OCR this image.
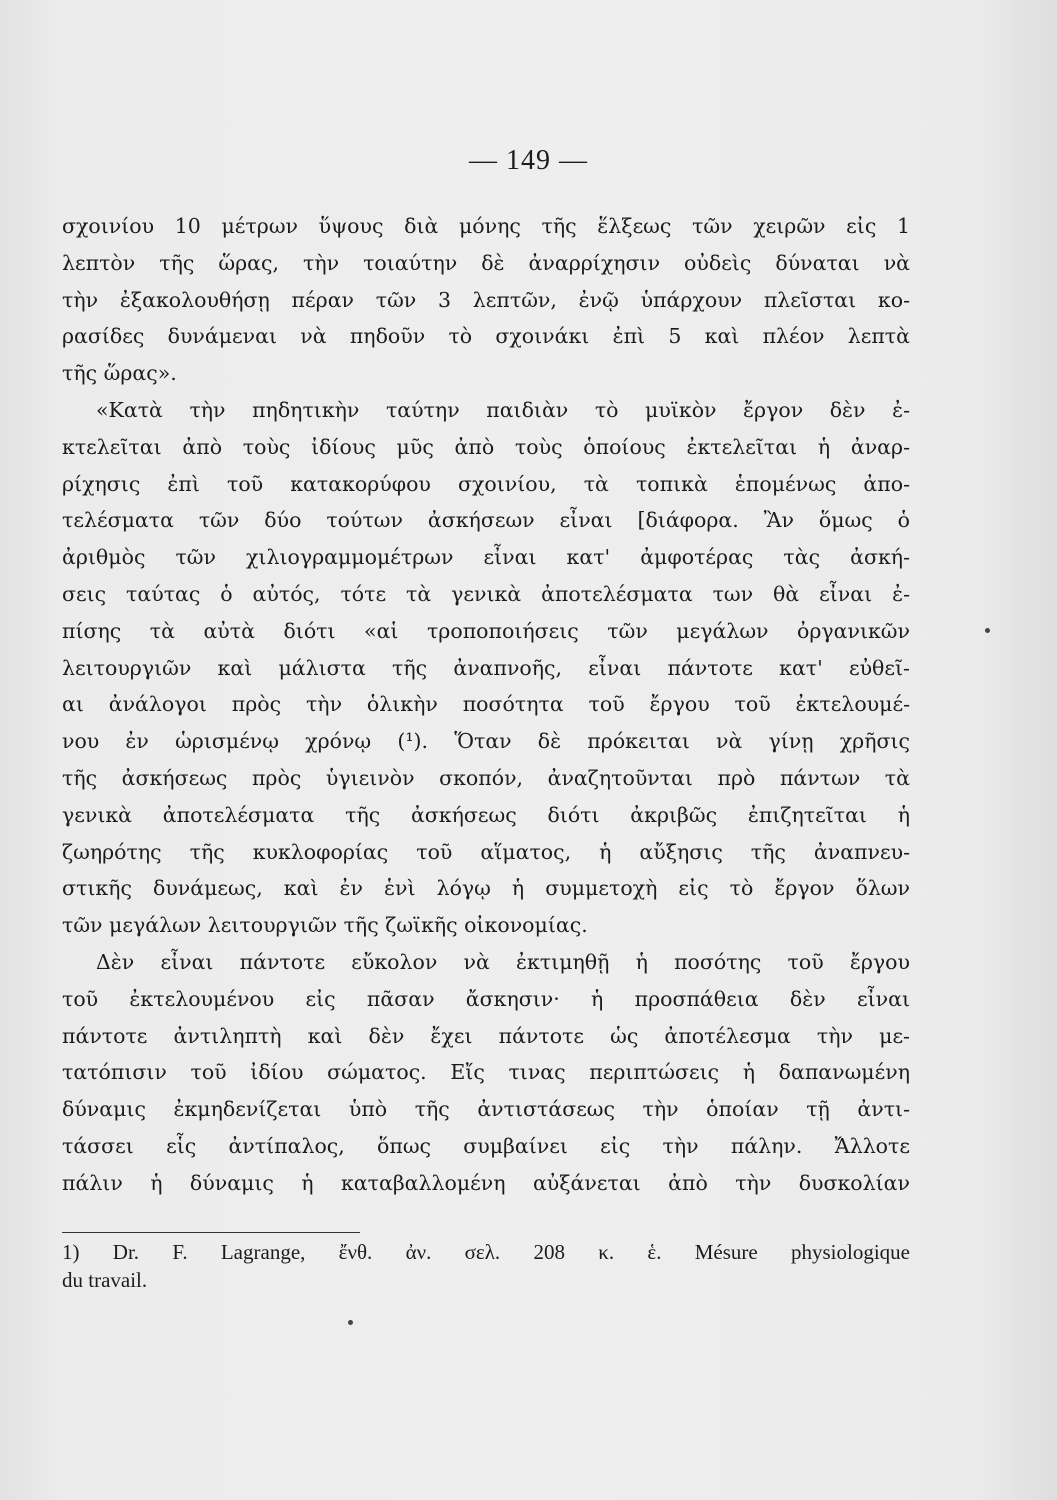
— 149 —
σχοινίου 10 μέτρων ὕψους διὰ μόνης τῆς ἕλξεως τῶν χειρῶν εἰς 1
λεπτὸν τῆς ὥρας, τὴν τοιαύτην δὲ ἀναρρίχησιν οὐδεὶς δύναται νὰ
τὴν ἐξακολουθήσῃ πέραν τῶν 3 λεπτῶν, ἐνῷ ὑπάρχουν πλεῖσται κο-
ρασίδες δυνάμεναι νὰ πηδοῦν τὸ σχοινάκι ἐπὶ 5 καὶ πλέον λεπτὰ
τῆς ὥρας».
«Κατὰ τὴν πηδητικὴν ταύτην παιδιὰν τὸ μυϊκὸν ἔργον δὲν ἐ-
κτελεῖται ἀπὸ τοὺς ἰδίους μῦς ἀπὸ τοὺς ὁποίους ἐκτελεῖται ἡ ἀναρ-
ρίχησις ἐπὶ τοῦ κατακορύφου σχοινίου, τὰ τοπικὰ ἑπομένως ἀπο-
τελέσματα τῶν δύο τούτων ἀσκήσεων εἶναι [διάφορα. Ἂν ὅμως ὁ
ἀριθμὸς τῶν χιλιογραμμομέτρων εἶναι κατ' ἀμφοτέρας τὰς ἀσκή-
σεις ταύτας ὁ αὐτός, τότε τὰ γενικὰ ἀποτελέσματα των θὰ εἶναι ἐ-
πίσης τὰ αὐτὰ διότι «αἱ τροποποιήσεις τῶν μεγάλων ὀργανικῶν
λειτουργιῶν καὶ μάλιστα τῆς ἀναπνοῆς, εἶναι πάντοτε κατ' εὐθεῖ-
αι ἀνάλογοι πρὸς τὴν ὁλικὴν ποσότητα τοῦ ἔργου τοῦ ἐκτελουμέ-
νου ἐν ὡρισμένῳ χρόνῳ (¹). Ὅταν δὲ πρόκειται νὰ γίνῃ χρῆσις
τῆς ἀσκήσεως πρὸς ὑγιεινὸν σκοπόν, ἀναζητοῦνται πρὸ πάντων τὰ
γενικὰ ἀποτελέσματα τῆς ἀσκήσεως διότι ἀκριβῶς ἐπιζητεῖται ἡ
ζωηρότης τῆς κυκλοφορίας τοῦ αἵματος, ἡ αὔξησις τῆς ἀναπνευ-
στικῆς δυνάμεως, καὶ ἐν ἑνὶ λόγῳ ἡ συμμετοχὴ εἰς τὸ ἔργον ὅλων
τῶν μεγάλων λειτουργιῶν τῆς ζωϊκῆς οἰκονομίας.
Δὲν εἶναι πάντοτε εὔκολον νὰ ἐκτιμηθῇ ἡ ποσότης τοῦ ἔργου
τοῦ ἐκτελουμένου εἰς πᾶσαν ἄσκησιν· ἡ προσπάθεια δὲν εἶναι
πάντοτε ἀντιληπτὴ καὶ δὲν ἔχει πάντοτε ὡς ἀποτέλεσμα τὴν με-
τατόπισιν τοῦ ἰδίου σώματος. Εἴς τινας περιπτώσεις ἡ δαπανωμένη
δύναμις ἐκμηδενίζεται ὑπὸ τῆς ἀντιστάσεως τὴν ὁποίαν τῇ ἀντι-
τάσσει εἷς ἀντίπαλος, ὅπως συμβαίνει εἰς τὴν πάλην. Ἄλλοτε
πάλιν ἡ δύναμις ἡ καταβαλλομένη αὐξάνεται ἀπὸ τὴν δυσκολίαν
1) Dr. F. Lagrange, ἔνθ. ἀν. σελ. 208 κ. ἑ. Mésure physiologique
du travail.
